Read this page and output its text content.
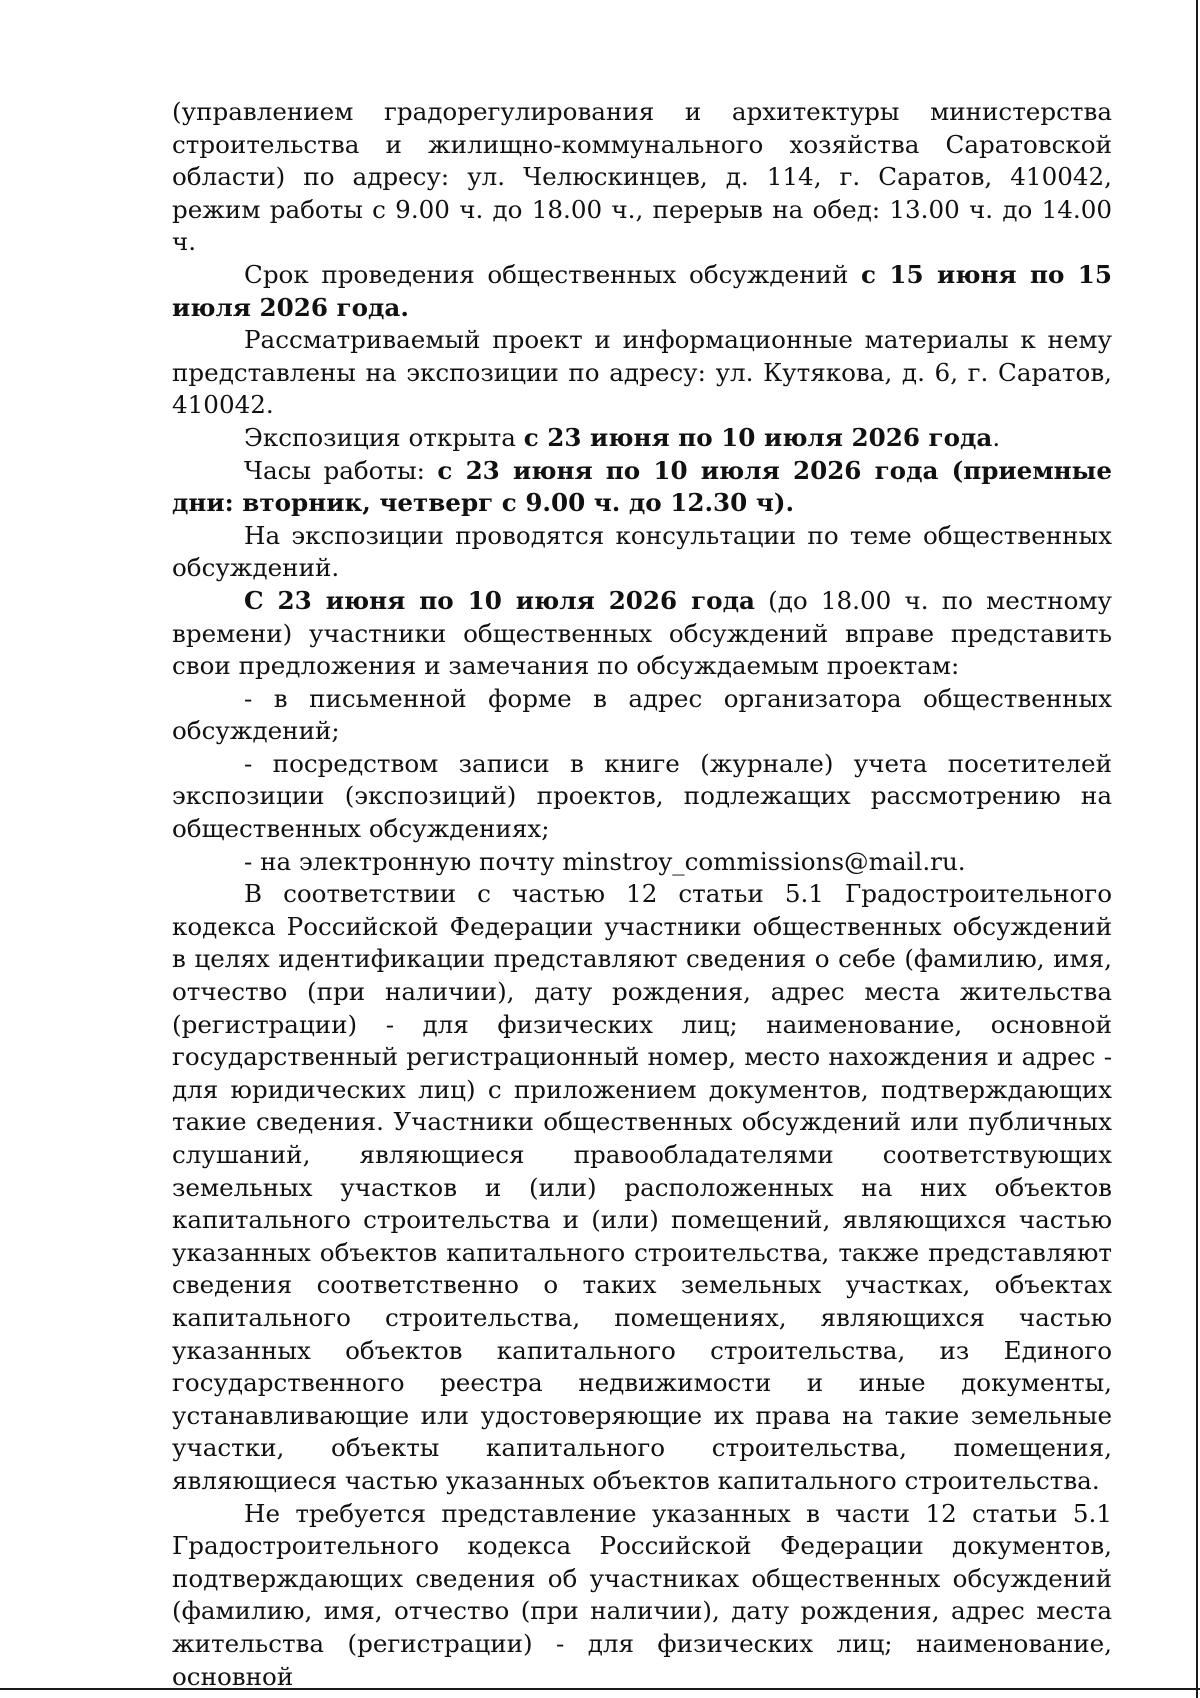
(управлением градорегулирования и архитектуры министерства строительства и жилищно-коммунального хозяйства Саратовской области) по адресу: ул. Челюскинцев, д. 114, г. Саратов, 410042, режим работы с 9.00 ч. до 18.00 ч., перерыв на обед: 13.00 ч. до 14.00 ч.

Срок проведения общественных обсуждений с 15 июня по 15 июля 2026 года.

Рассматриваемый проект и информационные материалы к нему представлены на экспозиции по адресу: ул. Кутякова, д. 6, г. Саратов, 410042.

Экспозиция открыта с 23 июня по 10 июля 2026 года.

Часы работы: с 23 июня по 10 июля 2026 года (приемные дни: вторник, четверг с 9.00 ч. до 12.30 ч).

На экспозиции проводятся консультации по теме общественных обсуждений.

С 23 июня по 10 июля 2026 года (до 18.00 ч. по местному времени) участники общественных обсуждений вправе представить свои предложения и замечания по обсуждаемым проектам:

- в письменной форме в адрес организатора общественных обсуждений;

- посредством записи в книге (журнале) учета посетителей экспозиции (экспозиций) проектов, подлежащих рассмотрению на общественных обсуждениях;

- на электронную почту minstroy_commissions@mail.ru.

В соответствии с частью 12 статьи 5.1 Градостроительного кодекса Российской Федерации участники общественных обсуждений в целях идентификации представляют сведения о себе (фамилию, имя, отчество (при наличии), дату рождения, адрес места жительства (регистрации) - для физических лиц; наименование, основной государственный регистрационный номер, место нахождения и адрес - для юридических лиц) с приложением документов, подтверждающих такие сведения. Участники общественных обсуждений или публичных слушаний, являющиеся правообладателями соответствующих земельных участков и (или) расположенных на них объектов капитального строительства и (или) помещений, являющихся частью указанных объектов капитального строительства, также представляют сведения соответственно о таких земельных участках, объектах капитального строительства, помещениях, являющихся частью указанных объектов капитального строительства, из Единого государственного реестра недвижимости и иные документы, устанавливающие или удостоверяющие их права на такие земельные участки, объекты капитального строительства, помещения, являющиеся частью указанных объектов капитального строительства.

Не требуется представление указанных в части 12 статьи 5.1 Градостроительного кодекса Российской Федерации документов, подтверждающих сведения об участниках общественных обсуждений (фамилию, имя, отчество (при наличии), дату рождения, адрес места жительства (регистрации) - для физических лиц; наименование, основной
